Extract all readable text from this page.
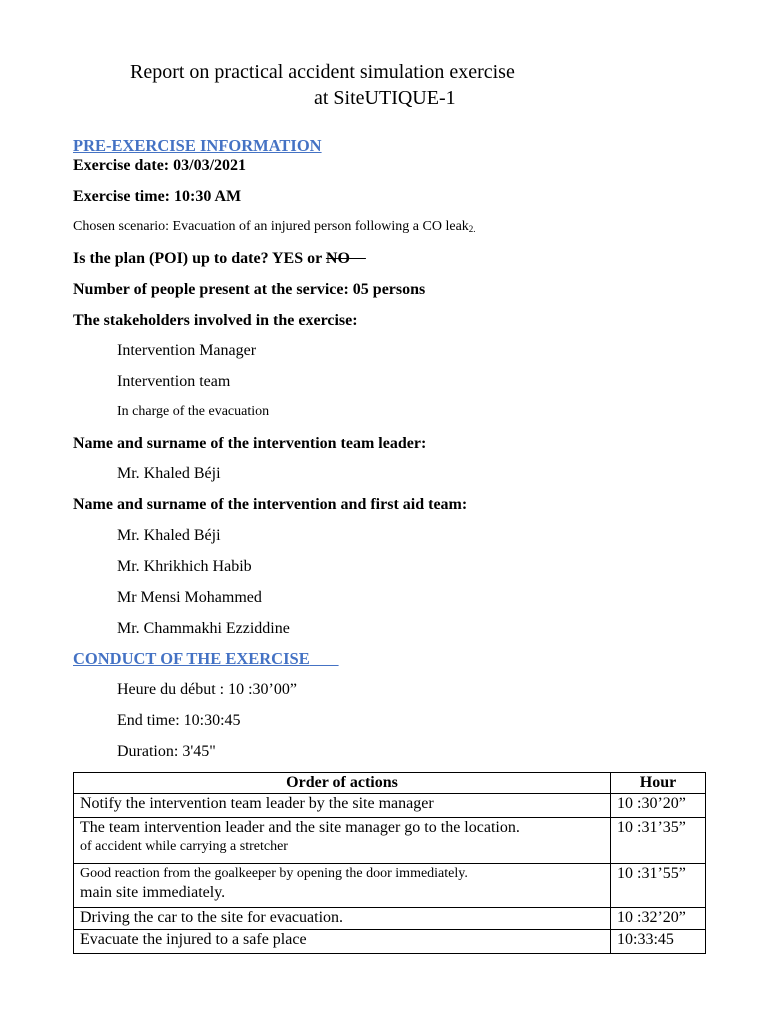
Report on practical accident simulation exercise
at SiteUTIQUE-1
PRE-EXERCISE INFORMATION
Exercise date: 03/03/2021
Exercise time: 10:30 AM
Chosen scenario: Evacuation of an injured person following a CO leak$_{2.}$
Is the plan (POI) up to date? YES or NO
Number of people present at the service: 05 persons
The stakeholders involved in the exercise:
Intervention Manager
Intervention team
In charge of the evacuation
Name and surname of the intervention team leader:
Mr. Khaled Béji
Name and surname of the intervention and first aid team:
Mr. Khaled Béji
Mr. Khrikhich Habib
Mr Mensi Mohammed
Mr. Chammakhi Ezziddine
CONDUCT OF THE EXERCISE
Heure du début : 10 :30’00”
End time: 10:30:45
Duration: 3'45"
Order of actions	Hour
Notify the intervention team leader by the site manager	10 :30’20”
The team intervention leader and the site manager go to the location.
of accident while carrying a stretcher	10 :31’35”

Good reaction from the goalkeeper by opening the door immediately.
main site immediately.	10 :31’55”
Driving the car to the site for evacuation.	10 :32’20”
Evacuate the injured to a safe place	10:33:45
